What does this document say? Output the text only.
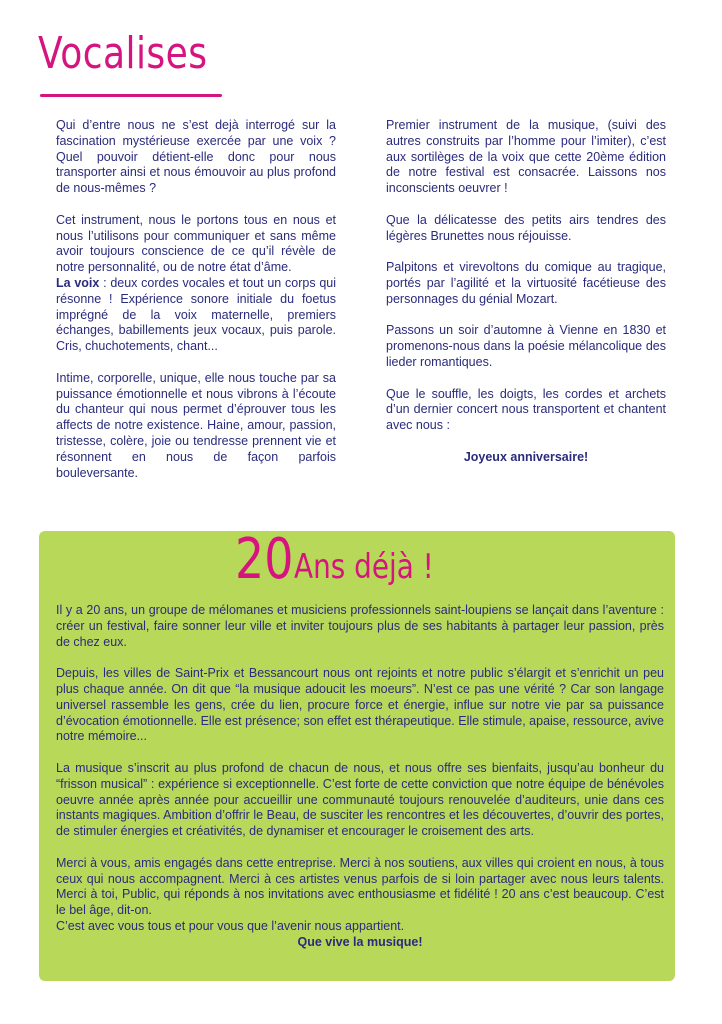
Vocalises

Qui d’entre nous ne s’est dejà interrogé sur la fascination mystérieuse exercée par une voix ? Quel pouvoir détient-elle donc pour nous transporter ainsi et nous émouvoir au plus profond de nous-mêmes ?

Cet instrument, nous le portons tous en nous et nous l’utilisons pour communiquer et sans même avoir toujours conscience de ce qu’il révèle de notre personnalité, ou de notre état d’âme.

La voix : deux cordes vocales et tout un corps qui résonne ! Expérience sonore initiale du foetus imprégné de la voix maternelle, premiers échanges, babillements jeux vocaux, puis parole. Cris, chuchotements, chant...

Intime, corporelle, unique, elle nous touche par sa puissance émotionnelle et nous vibrons à l’écoute du chanteur qui nous permet d’éprouver tous les affects de notre existence. Haine, amour, passion, tristesse, colère, joie ou tendresse prennent vie et résonnent en nous de façon parfois bouleversante.

Premier instrument de la musique, (suivi des autres construits par l’homme pour l’imiter), c’est aux sortilèges de la voix que cette 20ème édition de notre festival est consacrée. Laissons nos inconscients oeuvrer !

Que la délicatesse des petits airs tendres des légères Brunettes nous réjouisse.

Palpitons et virevoltons du comique au tragique, portés par l’agilité et la virtuosité facétieuse des personnages du génial Mozart.

Passons un soir d’automne à Vienne en 1830 et promenons-nous dans la poésie mélancolique des lieder romantiques.

Que le souffle, les doigts, les cordes et archets d’un dernier concert nous transportent et chantent avec nous :

Joyeux anniversaire!

20Ans déjà !

Il y a 20 ans, un groupe de mélomanes et musiciens professionnels saint-loupiens se lançait dans l’aventure : créer un festival, faire sonner leur ville et inviter toujours plus de ses habitants à partager leur passion, près de chez eux.

Depuis, les villes de Saint-Prix et Bessancourt nous ont rejoints et notre public s’élargit et s’enrichit un peu plus chaque année. On dit que “la musique adoucit les moeurs”. N’est ce pas une vérité ? Car son langage universel rassemble les gens, crée du lien, procure force et énergie, influe sur notre vie par sa puissance d’évocation émotionnelle. Elle est présence; son effet est thérapeutique. Elle stimule, apaise, ressource, avive notre mémoire...

La musique s’inscrit au plus profond de chacun de nous, et nous offre ses bienfaits, jusqu’au bonheur du “frisson musical” : expérience si exceptionnelle. C’est forte de cette conviction que notre équipe de bénévoles oeuvre année après année pour accueillir une communauté toujours renouvelée d’auditeurs, unie dans ces instants magiques. Ambition d’offrir le Beau, de susciter les rencontres et les découvertes, d’ouvrir des portes, de stimuler énergies et créativités, de dynamiser et encourager le croisement des arts.

Merci à vous, amis engagés dans cette entreprise. Merci à nos soutiens, aux villes qui croient en nous, à tous ceux qui nous accompagnent. Merci à ces artistes venus parfois de si loin partager avec nous leurs talents. Merci à toi, Public, qui réponds à nos invitations avec enthousiasme et fidélité ! 20 ans c’est beaucoup. C’est le bel âge, dit-on.

C’est avec vous tous et pour vous que l’avenir nous appartient.

Que vive la musique!
